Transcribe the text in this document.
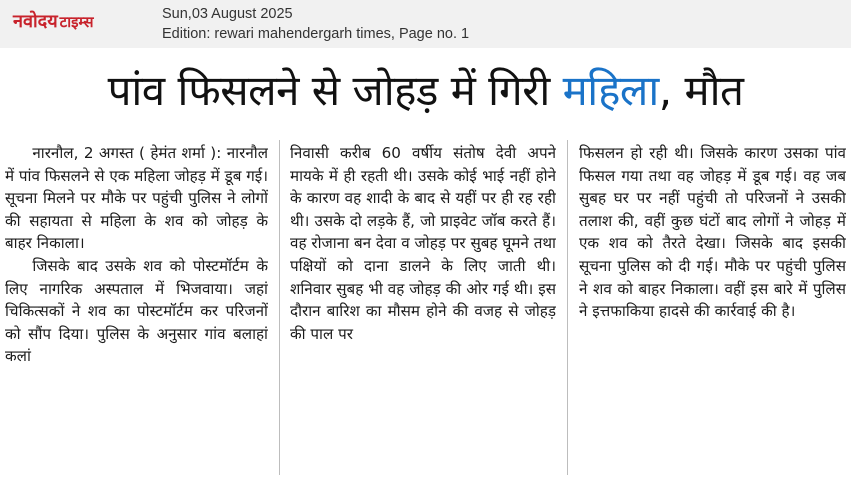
नवोदय टाइम्स	Sun,03 August 2025
Edition: rewari mahendergarh times, Page no. 1
पांव फिसलने से जोहड़ में गिरी महिला, मौत

नारनौल, 2 अगस्त ( हेमंत शर्मा ): नारनौल में पांव फिसलने से एक महिला जोहड़ में डूब गई। सूचना मिलने पर मौके पर पहुंची पुलिस ने लोगों की सहायता से महिला के शव को जोहड़ के बाहर निकाला।

जिसके बाद उसके शव को पोस्टमॉर्टम के लिए नागरिक अस्पताल में भिजवाया। जहां चिकित्सकों ने शव का पोस्टमॉर्टम कर परिजनों को सौंप दिया। पुलिस के अनुसार गांव बलाहां कलां

निवासी करीब 60 वर्षीय संतोष देवी अपने मायके में ही रहती थी। उसके कोई भाई नहीं होने के कारण वह शादी के बाद से यहीं पर ही रह रही थी। उसके दो लड़के हैं, जो प्राइवेट जॉब करते हैं। वह रोजाना बन देवा व जोहड़ पर सुबह घूमने तथा पक्षियों को दाना डालने के लिए जाती थी। शनिवार सुबह भी वह जोहड़ की ओर गई थी। इस दौरान बारिश का मौसम होने की वजह से जोहड़ की पाल पर

फिसलन हो रही थी। जिसके कारण उसका पांव फिसल गया तथा वह जोहड़ में डूब गई। वह जब सुबह घर पर नहीं पहुंची तो परिजनों ने उसकी तलाश की, वहीं कुछ घंटों बाद लोगों ने जोहड़ में एक शव को तैरते देखा। जिसके बाद इसकी सूचना पुलिस को दी गई। मौके पर पहुंची पुलिस ने शव को बाहर निकाला। वहीं इस बारे में पुलिस ने इत्तफाकिया हादसे की कार्रवाई की है।
